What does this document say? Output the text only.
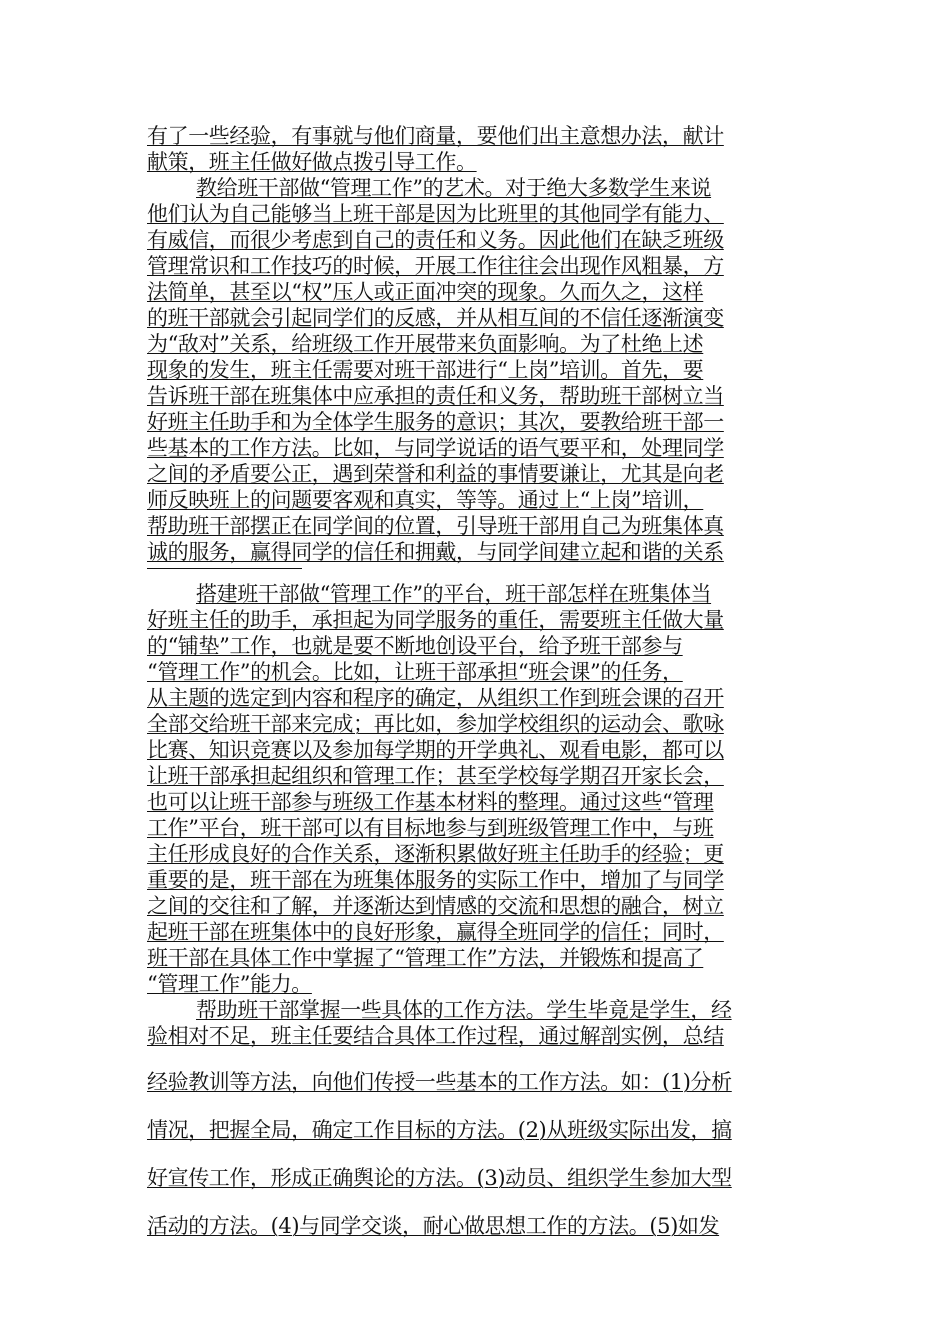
有了一些经验，有事就与他们商量，要他们出主意想办法，献计
献策，班主任做好做点拨引导工作。
教给班干部做“管理工作”的艺术。对于绝大多数学生来说
他们认为自己能够当上班干部是因为比班里的其他同学有能力、
有威信，而很少考虑到自己的责任和义务。因此他们在缺乏班级
管理常识和工作技巧的时候，开展工作往往会出现作风粗暴，方
法简单，甚至以“权”压人或正面冲突的现象。久而久之，这样
的班干部就会引起同学们的反感，并从相互间的不信任逐渐演变
为“敌对”关系，给班级工作开展带来负面影响。为了杜绝上述
现象的发生，班主任需要对班干部进行“上岗”培训。首先，要
告诉班干部在班集体中应承担的责任和义务，帮助班干部树立当
好班主任助手和为全体学生服务的意识；其次，要教给班干部一
些基本的工作方法。比如，与同学说话的语气要平和，处理同学
之间的矛盾要公正，遇到荣誉和利益的事情要谦让，尤其是向老
师反映班上的问题要客观和真实，等等。通过上“上岗”培训，
帮助班干部摆正在同学间的位置，引导班干部用自己为班集体真
诚的服务，赢得同学的信任和拥戴，与同学间建立起和谐的关系
搭建班干部做“管理工作”的平台，班干部怎样在班集体当
好班主任的助手，承担起为同学服务的重任，需要班主任做大量
的“铺垫”工作，也就是要不断地创设平台，给予班干部参与
“管理工作”的机会。比如，让班干部承担“班会课”的任务，
从主题的选定到内容和程序的确定，从组织工作到班会课的召开
全部交给班干部来完成；再比如，参加学校组织的运动会、歌咏
比赛、知识竞赛以及参加每学期的开学典礼、观看电影，都可以
让班干部承担起组织和管理工作；甚至学校每学期召开家长会，
也可以让班干部参与班级工作基本材料的整理。通过这些“管理
工作”平台，班干部可以有目标地参与到班级管理工作中，与班
主任形成良好的合作关系，逐渐积累做好班主任助手的经验；更
重要的是，班干部在为班集体服务的实际工作中，增加了与同学
之间的交往和了解，并逐渐达到情感的交流和思想的融合，树立
起班干部在班集体中的良好形象，赢得全班同学的信任；同时，
班干部在具体工作中掌握了“管理工作”方法，并锻炼和提高了
“管理工作”能力。
帮助班干部掌握一些具体的工作方法。学生毕竟是学生，经
验相对不足，班主任要结合具体工作过程，通过解剖实例，总结
经验教训等方法，向他们传授一些基本的工作方法。如：(1)分析
情况，把握全局，确定工作目标的方法。(2)从班级实际出发，搞
好宣传工作，形成正确舆论的方法。(3)动员、组织学生参加大型
活动的方法。(4)与同学交谈，耐心做思想工作的方法。(5)如发
